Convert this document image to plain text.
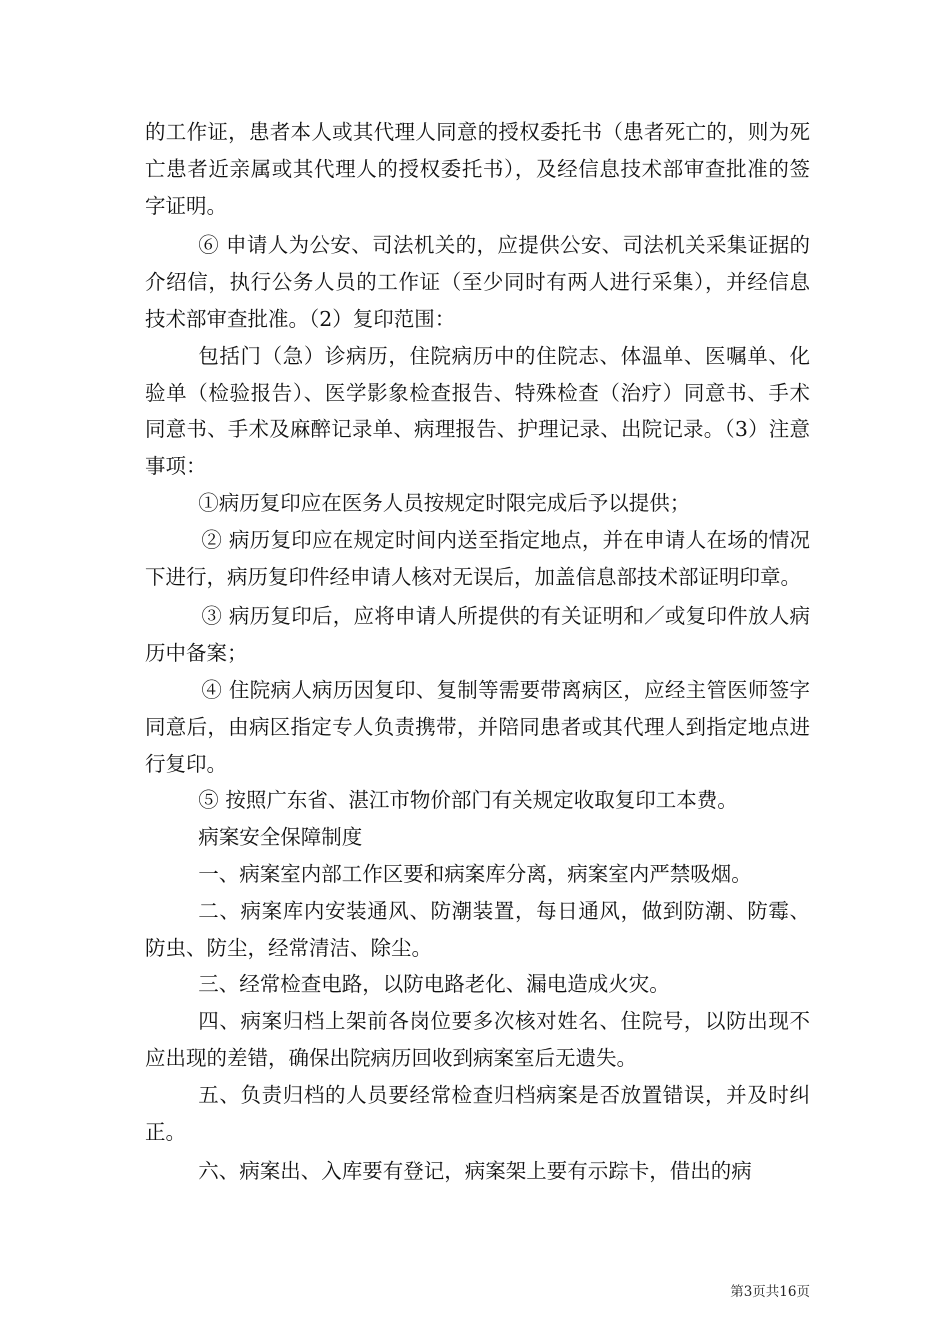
的工作证，患者本人或其代理人同意的授权委托书（患者死亡的，则为死亡患者近亲属或其代理人的授权委托书），及经信息技术部审查批准的签字证明。

⑥ 申请人为公安、司法机关的，应提供公安、司法机关采集证据的介绍信，执行公务人员的工作证（至少同时有两人进行采集），并经信息技术部审查批准。（2）复印范围：

包括门（急）诊病历，住院病历中的住院志、体温单、医嘱单、化验单（检验报告）、医学影象检查报告、特殊检查（治疗）同意书、手术同意书、手术及麻醉记录单、病理报告、护理记录、出院记录。（3）注意事项：

①病历复印应在医务人员按规定时限完成后予以提供；

② 病历复印应在规定时间内送至指定地点，并在申请人在场的情况下进行，病历复印件经申请人核对无误后，加盖信息部技术部证明印章。

③ 病历复印后，应将申请人所提供的有关证明和／或复印件放人病历中备案；

④ 住院病人病历因复印、复制等需要带离病区，应经主管医师签字同意后，由病区指定专人负责携带，并陪同患者或其代理人到指定地点进行复印。

⑤ 按照广东省、湛江市物价部门有关规定收取复印工本费。

病案安全保障制度

一、病案室内部工作区要和病案库分离，病案室内严禁吸烟。

二、病案库内安装通风、防潮装置，每日通风，做到防潮、防霉、防虫、防尘，经常清洁、除尘。

三、经常检查电路，以防电路老化、漏电造成火灾。

四、病案归档上架前各岗位要多次核对姓名、住院号，以防出现不应出现的差错，确保出院病历回收到病案室后无遗失。

五、负责归档的人员要经常检查归档病案是否放置错误，并及时纠正。

六、病案出、入库要有登记，病案架上要有示踪卡，借出的病

第3页共16页
